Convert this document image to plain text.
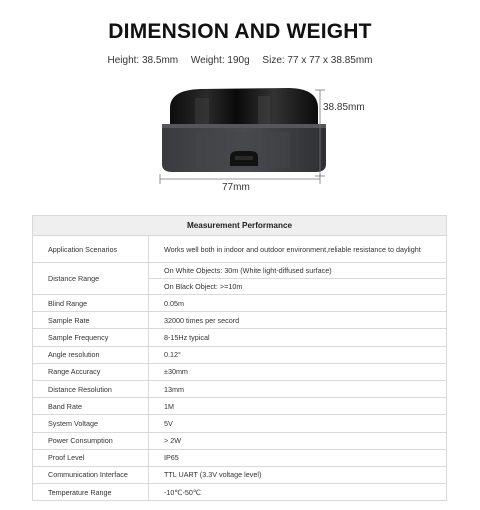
DIMENSION AND WEIGHT
Height: 38.5mm Weight: 190g Size: 77 x 77 x 38.85mm
38.85mm
77mm
Measurement Performance	
Application Scenarios	Works well both in indoor and outdoor environment,reliable resistance to daylight
Distance Range	On White Objects: 30m (White light-diffused surface)
	On Black Object: >=10m
Blind Range	0.05m
Sample Rate	32000 times per secord
Sample Frequency	8-15Hz typical
Angle resolution	0.12°
Range Accuracy	±30mm
Distance Resolution	13mm
Band Rate	1M
System Voltage	5V
Power Consumption	> 2W
Proof Level	IP65
Communication Interface	TTL UART (3.3V voltage level)
Temperature Range	-10℃-50℃
